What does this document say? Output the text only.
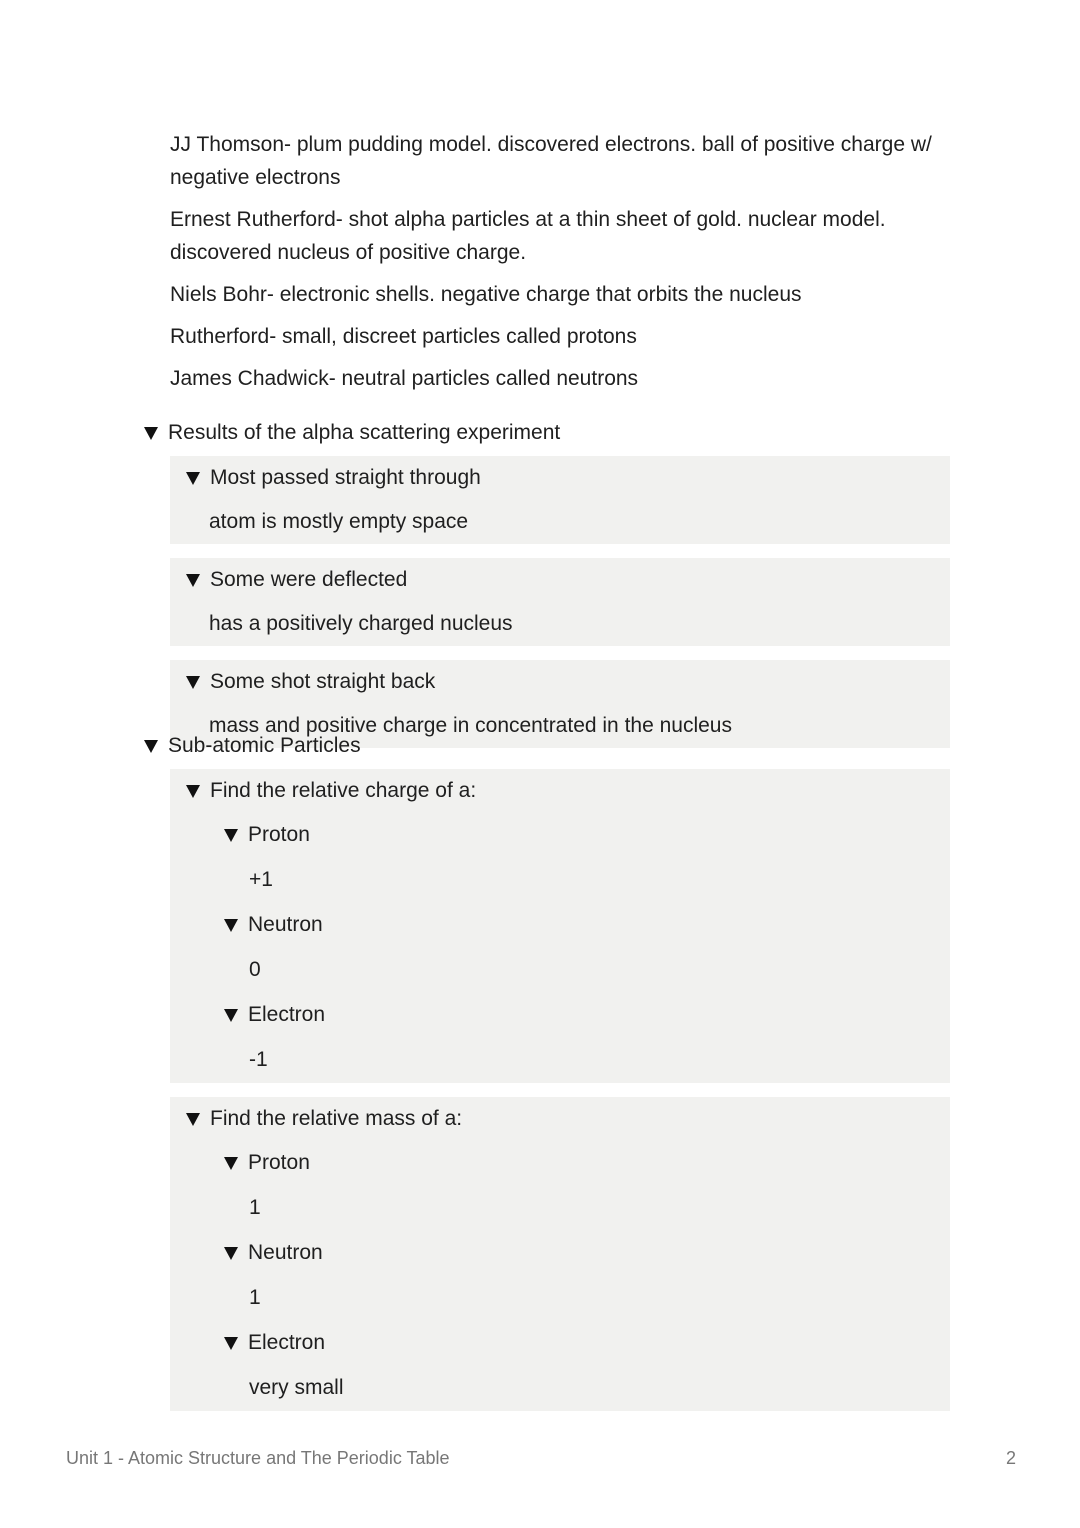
JJ Thomson- plum pudding model. discovered electrons. ball of positive charge w/ negative electrons

Ernest Rutherford- shot alpha particles at a thin sheet of gold. nuclear model. discovered nucleus of positive charge.

Niels Bohr- electronic shells. negative charge that orbits the nucleus

Rutherford- small, discreet particles called protons

James Chadwick- neutral particles called neutrons

Results of the alpha scattering experiment
Most passed straight through
atom is mostly empty space
Some were deflected
has a positively charged nucleus
Some shot straight back
mass and positive charge in concentrated in the nucleus
Sub-atomic Particles
Find the relative charge of a:
Proton
+1
Neutron
0
Electron
-1
Find the relative mass of a:
Proton
1
Neutron
1
Electron
very small
Unit 1 - Atomic Structure and The Periodic Table	2
